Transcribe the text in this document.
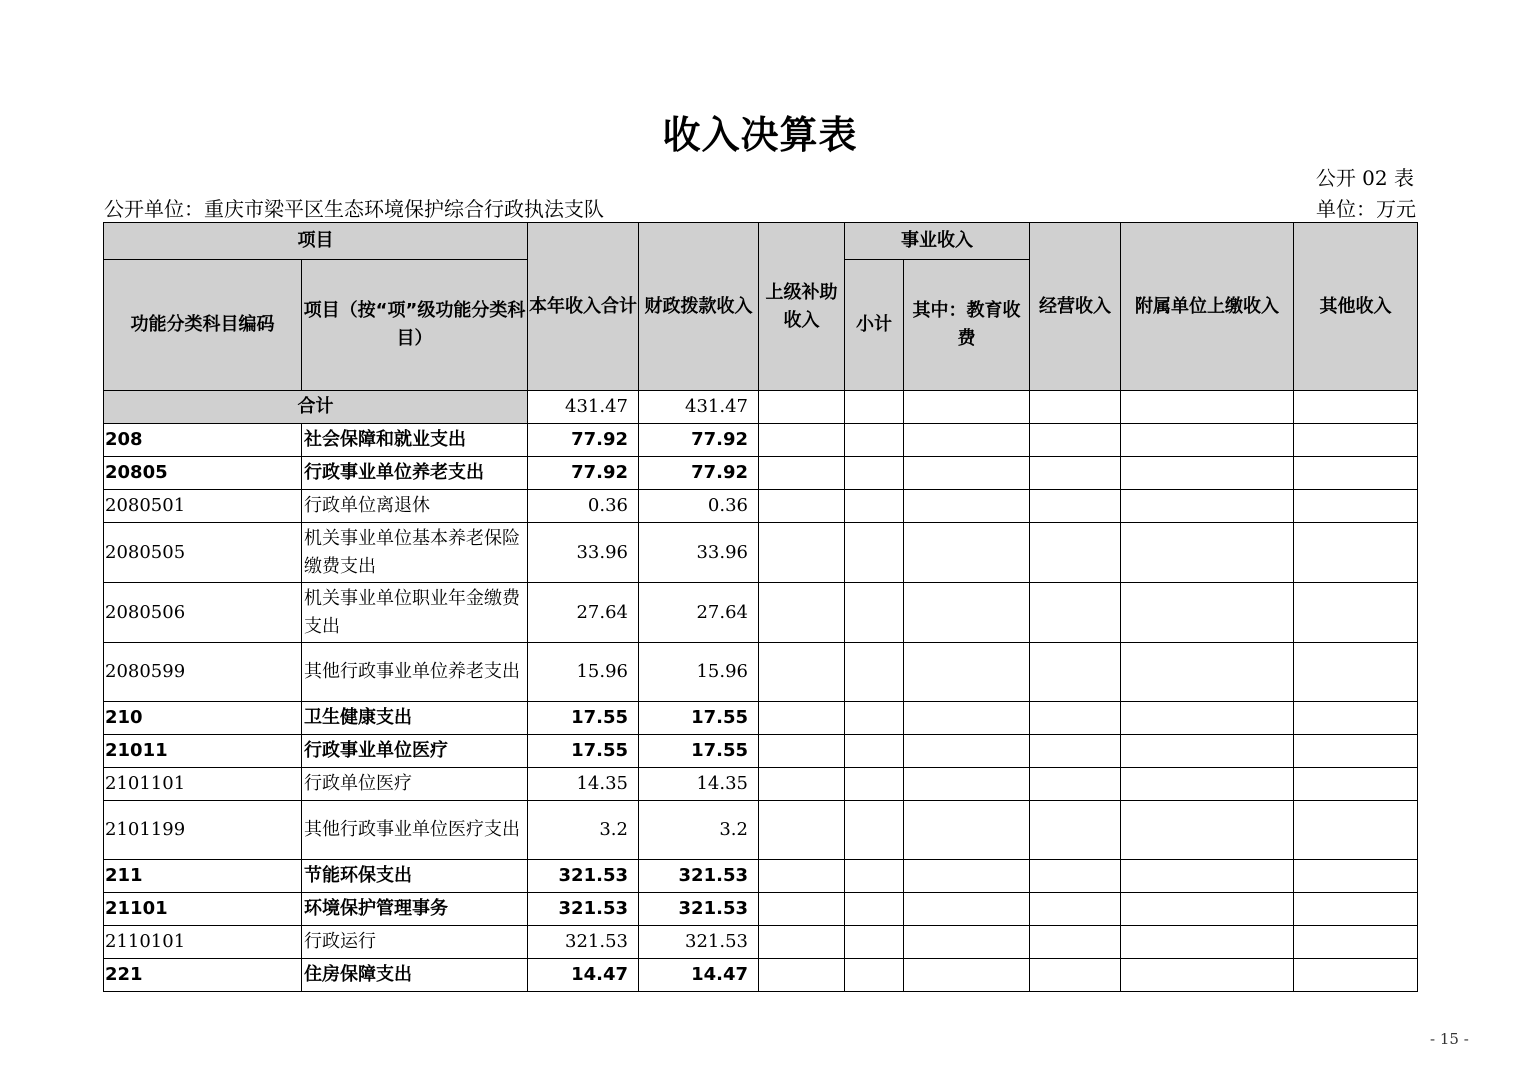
收入决算表
公开 02 表
公开单位：重庆市梁平区生态环境保护综合行政执法支队	单位：万元
项目		本年收入合计	财政拨款收入	上级补助收入	事业收入		经营收入	附属单位上缴收入	其他收入
功能分类科目编码	项目（按“项”级功能分类科目）				小计	其中：教育收费			
合计		431.47	431.47						
208	社会保障和就业支出	77.92	77.92						
20805	行政事业单位养老支出	77.92	77.92						
2080501	行政单位离退休	0.36	0.36						
2080505	机关事业单位基本养老保险缴费支出	33.96	33.96						
2080506	机关事业单位职业年金缴费支出	27.64	27.64						
2080599	其他行政事业单位养老支出	15.96	15.96						
210	卫生健康支出	17.55	17.55						
21011	行政事业单位医疗	17.55	17.55						
2101101	行政单位医疗	14.35	14.35						
2101199	其他行政事业单位医疗支出	3.2	3.2						
211	节能环保支出	321.53	321.53						
21101	环境保护管理事务	321.53	321.53						
2110101	行政运行	321.53	321.53						
221	住房保障支出	14.47	14.47						
- 15 -
